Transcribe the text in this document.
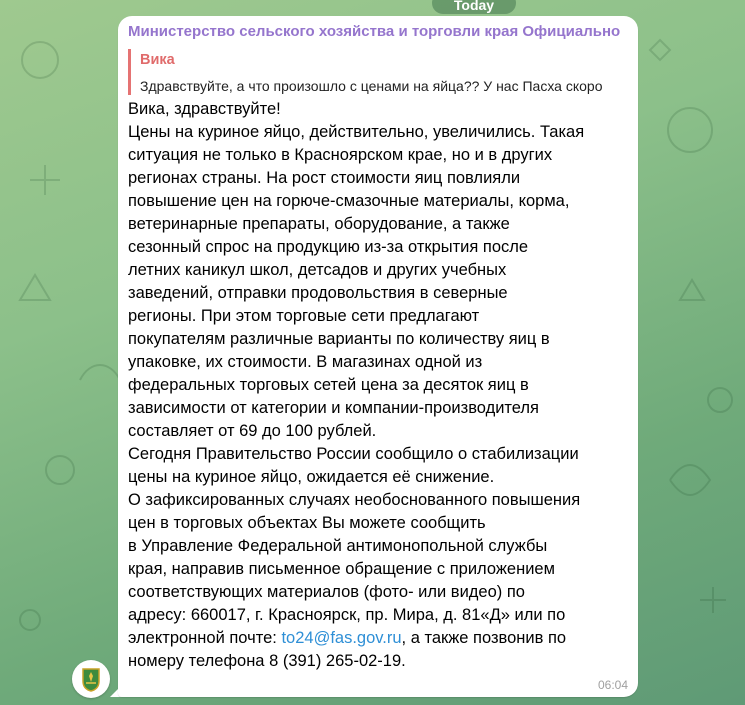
Today
Министерство сельского хозяйства и торговли края Официально
Вика
Здравствуйте, а что произошло с ценами на яйца?? У нас Пасха скоро
Вика, здравствуйте!
Цены на куриное яйцо, действительно, увеличились. Такая
ситуация не только в Красноярском крае, но и в других
регионах страны. На рост стоимости яиц повлияли
повышение цен на горюче-смазочные материалы, корма,
ветеринарные препараты, оборудование, а также
сезонный спрос на продукцию из-за открытия после
летних каникул школ, детсадов и других учебных
заведений, отправки продовольствия в северные
регионы. При этом торговые сети предлагают
покупателям различные варианты по количеству яиц в
упаковке, их стоимости. В магазинах одной из
федеральных торговых сетей цена за десяток яиц в
зависимости от категории и компании-производителя
составляет от 69 до 100 рублей.
Сегодня Правительство России сообщило о стабилизации
цены на куриное яйцо, ожидается её снижение.
О зафиксированных случаях необоснованного повышения
цен в торговых объектах Вы можете сообщить
в Управление Федеральной антимонопольной службы
края, направив письменное обращение с приложением
соответствующих материалов (фото- или видео) по
адресу: 660017, г. Красноярск, пр. Мира, д. 81«Д» или по
электронной почте: to24@fas.gov.ru, а также позвонив по
номеру телефона 8 (391) 265-02-19.
06:04
